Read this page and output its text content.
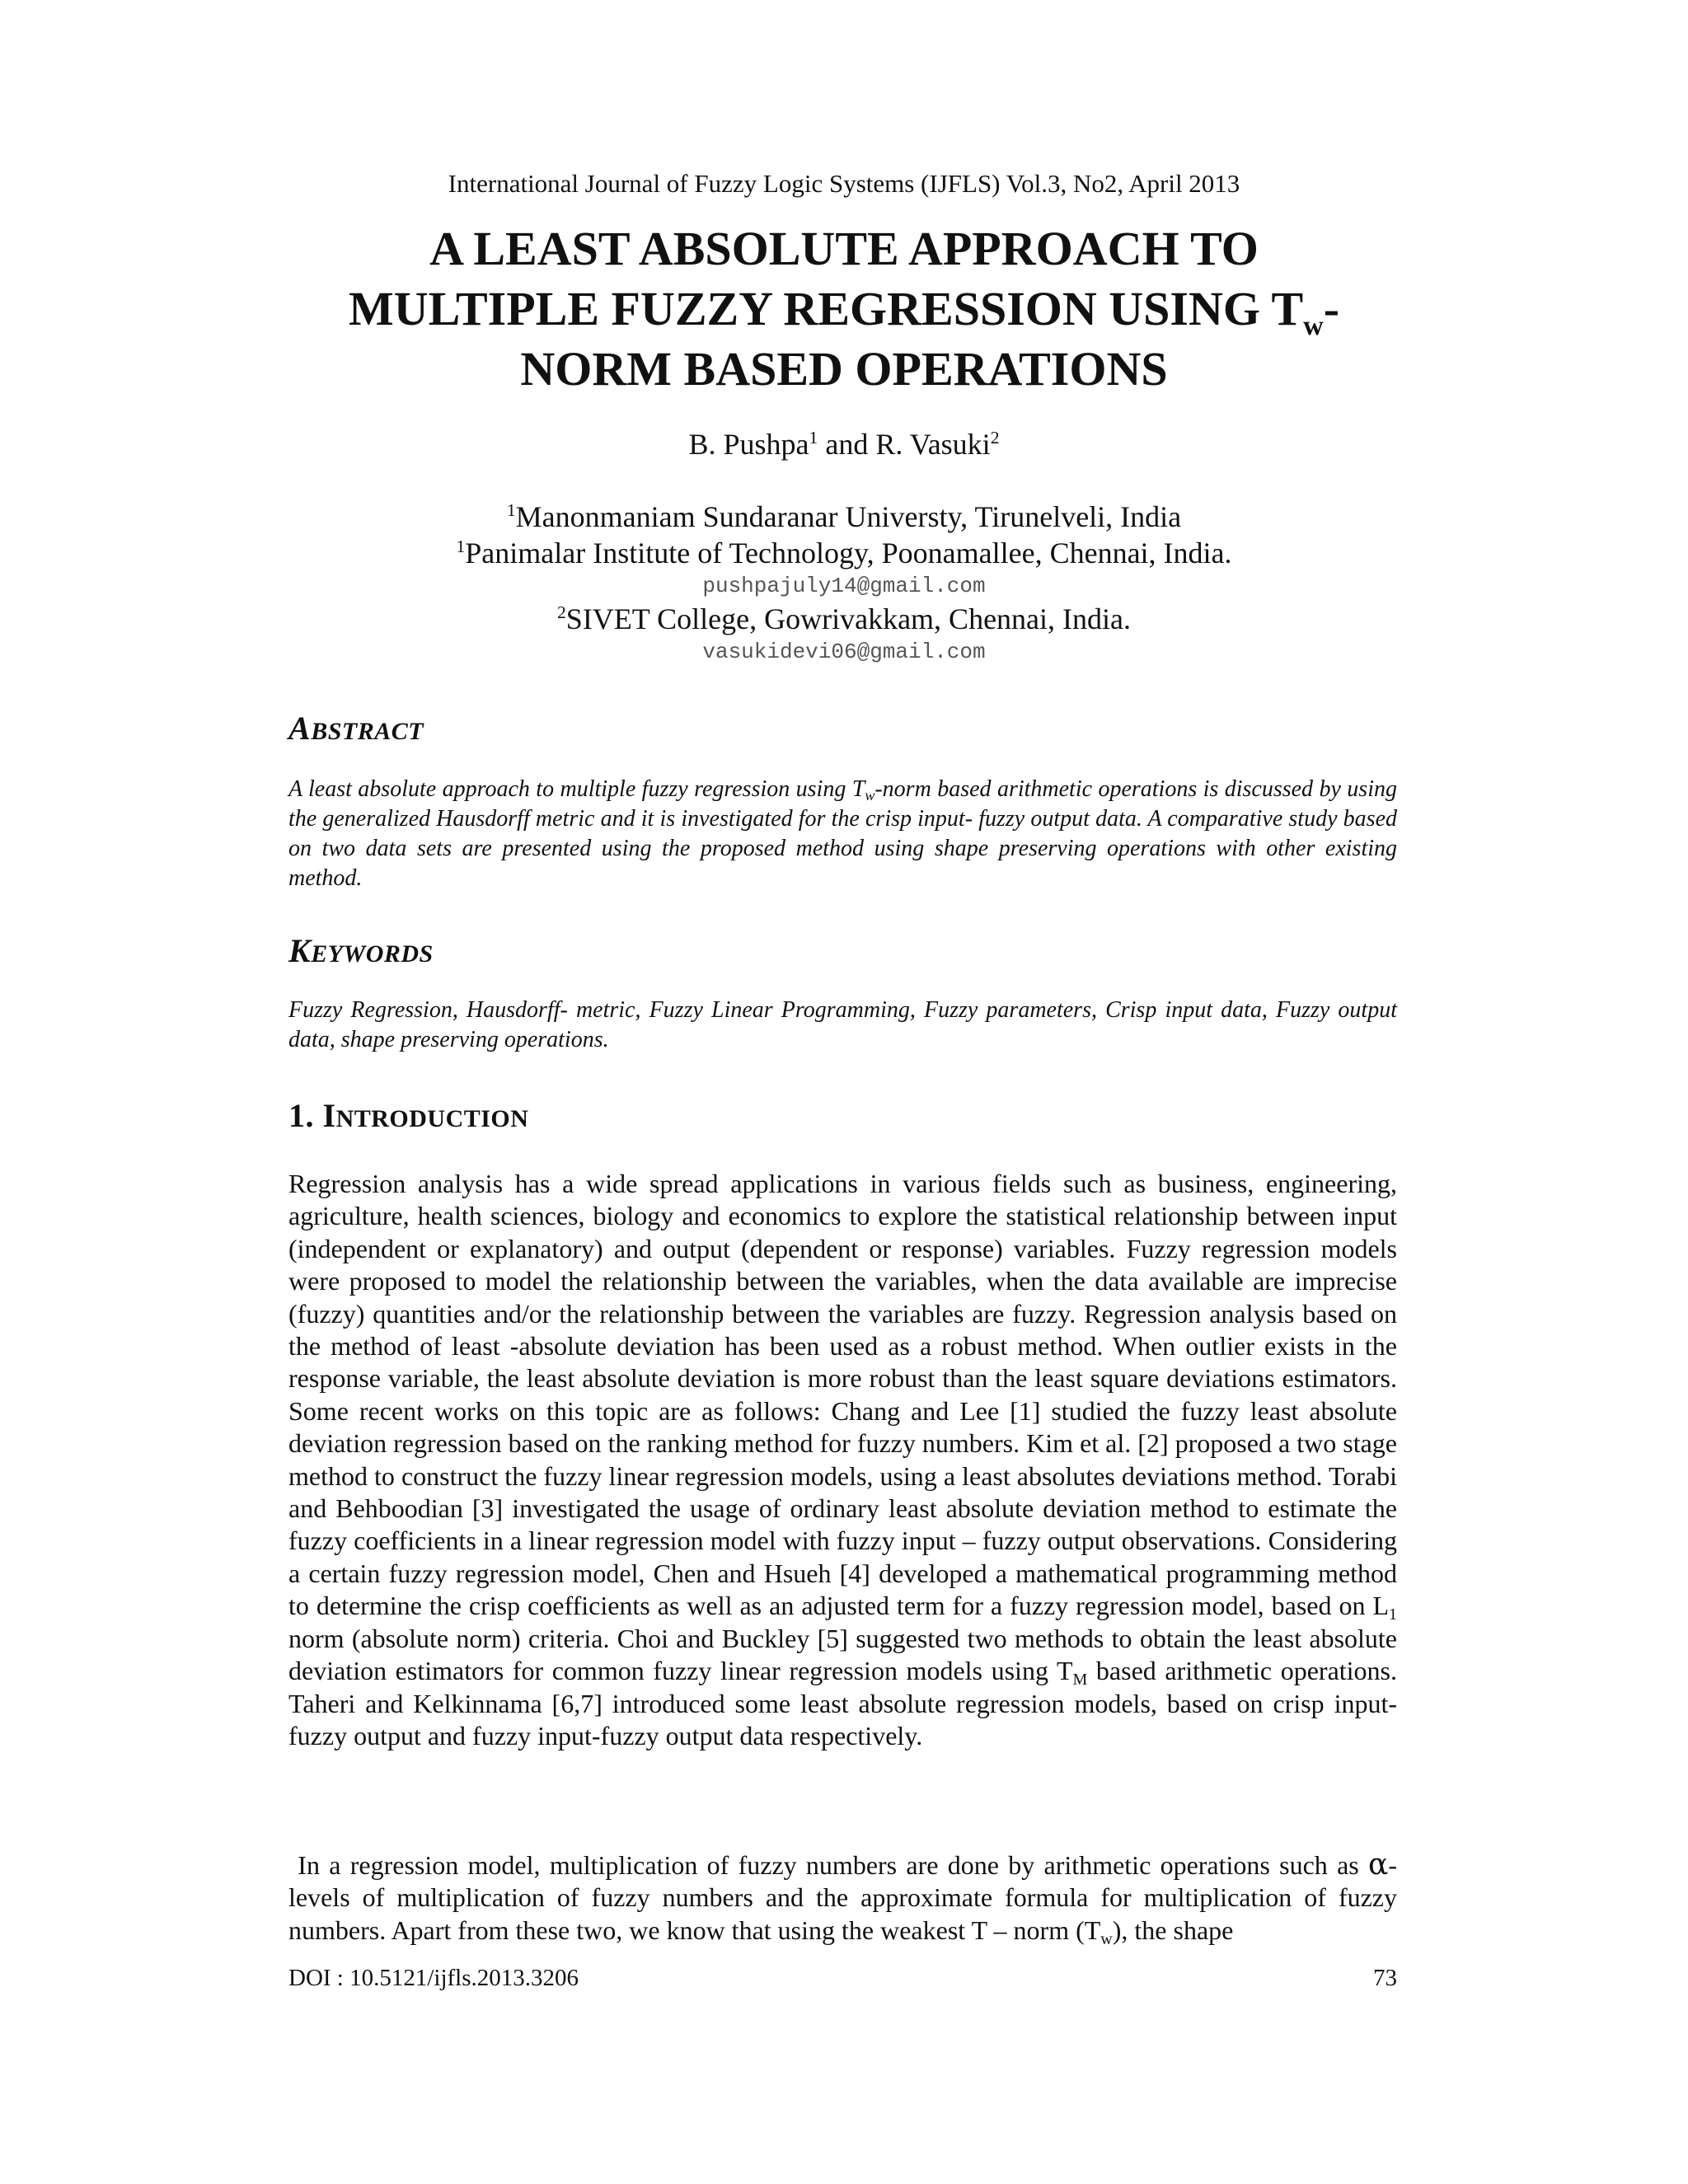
International Journal of Fuzzy Logic Systems (IJFLS) Vol.3, No2, April 2013
A LEAST ABSOLUTE APPROACH TO
MULTIPLE FUZZY REGRESSION USING $T_w-$
NORM BASED OPERATIONS
B. Pushpa$^1$ and R. Vasuki$^2$
$^1$Manonmaniam Sundaranar Universty, Tirunelveli, India
$^1$Panimalar Institute of Technology, Poonamallee, Chennai, India.
pushpajuly14@gmail.com
$^2$SIVET College, Gowrivakkam, Chennai, India.
vasukidevi06@gmail.com
ABSTRACT
A least absolute approach to multiple fuzzy regression using $T_w$-norm based arithmetic operations is discussed by using the generalized Hausdorff metric and it is investigated for the crisp input- fuzzy output data. A comparative study based on two data sets are presented using the proposed method using shape preserving operations with other existing method.
KEYWORDS
Fuzzy Regression, Hausdorff- metric, Fuzzy Linear Programming, Fuzzy parameters, Crisp input data, Fuzzy output data, shape preserving operations.
1. INTRODUCTION
Regression analysis has a wide spread applications in various fields such as business, engineering, agriculture, health sciences, biology and economics to explore the statistical relationship between input (independent or explanatory) and output (dependent or response) variables. Fuzzy regression models were proposed to model the relationship between the variables, when the data available are imprecise (fuzzy) quantities and/or the relationship between the variables are fuzzy. Regression analysis based on the method of least -absolute deviation has been used as a robust method. When outlier exists in the response variable, the least absolute deviation is more robust than the least square deviations estimators. Some recent works on this topic are as follows: Chang and Lee [1] studied the fuzzy least absolute deviation regression based on the ranking method for fuzzy numbers. Kim et al. [2] proposed a two stage method to construct the fuzzy linear regression models, using a least absolutes deviations method. Torabi and Behboodian [3] investigated the usage of ordinary least absolute deviation method to estimate the fuzzy coefficients in a linear regression model with fuzzy input – fuzzy output observations. Considering a certain fuzzy regression model, Chen and Hsueh [4] developed a mathematical programming method to determine the crisp coefficients as well as an adjusted term for a fuzzy regression model, based on $L_1$ norm (absolute norm) criteria. Choi and Buckley [5] suggested two methods to obtain the least absolute deviation estimators for common fuzzy linear regression models using $T_M$ based arithmetic operations. Taheri and Kelkinnama [6,7] introduced some least absolute regression models, based on crisp input- fuzzy output and fuzzy input-fuzzy output data respectively.
In a regression model, multiplication of fuzzy numbers are done by arithmetic operations such as α-levels of multiplication of fuzzy numbers and the approximate formula for multiplication of fuzzy numbers. Apart from these two, we know that using the weakest T – norm $(T_w)$, the shape
DOI : 10.5121/ijfls.2013.3206	73
